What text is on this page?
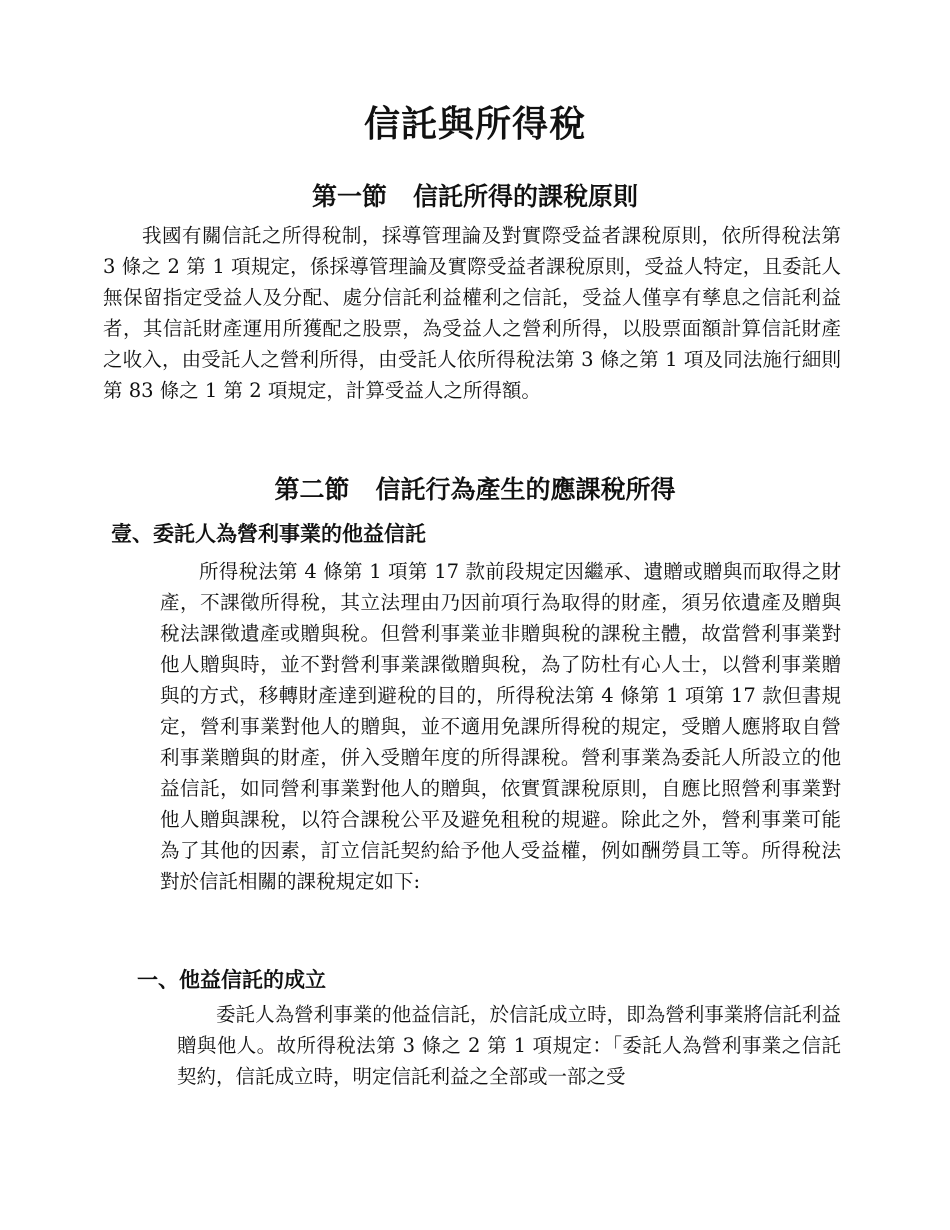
信託與所得稅
第一節 信託所得的課稅原則

我國有關信託之所得稅制，採導管理論及對實際受益者課稅原則，依所得稅法第 3 條之 2 第 1 項規定，係採導管理論及實際受益者課稅原則，受益人特定，且委託人無保留指定受益人及分配、處分信託利益權利之信託，受益人僅享有孳息之信託利益者，其信託財產運用所獲配之股票，為受益人之營利所得，以股票面額計算信託財產之收入，由受託人之營利所得，由受託人依所得稅法第 3 條之第 1 項及同法施行細則第 83 條之 1 第 2 項規定，計算受益人之所得額。

第二節 信託行為產生的應課稅所得
壹、委託人為營利事業的他益信託

所得稅法第 4 條第 1 項第 17 款前段規定因繼承、遺贈或贈與而取得之財產，不課徵所得稅，其立法理由乃因前項行為取得的財產，須另依遺產及贈與稅法課徵遺產或贈與稅。但營利事業並非贈與稅的課稅主體，故當營利事業對他人贈與時，並不對營利事業課徵贈與稅，為了防杜有心人士，以營利事業贈與的方式，移轉財產達到避稅的目的，所得稅法第 4 條第 1 項第 17 款但書規定，營利事業對他人的贈與，並不適用免課所得稅的規定，受贈人應將取自營利事業贈與的財產，併入受贈年度的所得課稅。營利事業為委託人所設立的他益信託，如同營利事業對他人的贈與，依實質課稅原則，自應比照營利事業對他人贈與課稅，以符合課稅公平及避免租稅的規避。除此之外，營利事業可能為了其他的因素，訂立信託契約給予他人受益權，例如酬勞員工等。所得稅法對於信託相關的課稅規定如下:

一、他益信託的成立

委託人為營利事業的他益信託，於信託成立時，即為營利事業將信託利益贈與他人。故所得稅法第 3 條之 2 第 1 項規定：「委託人為營利事業之信託契約，信託成立時，明定信託利益之全部或一部之受
